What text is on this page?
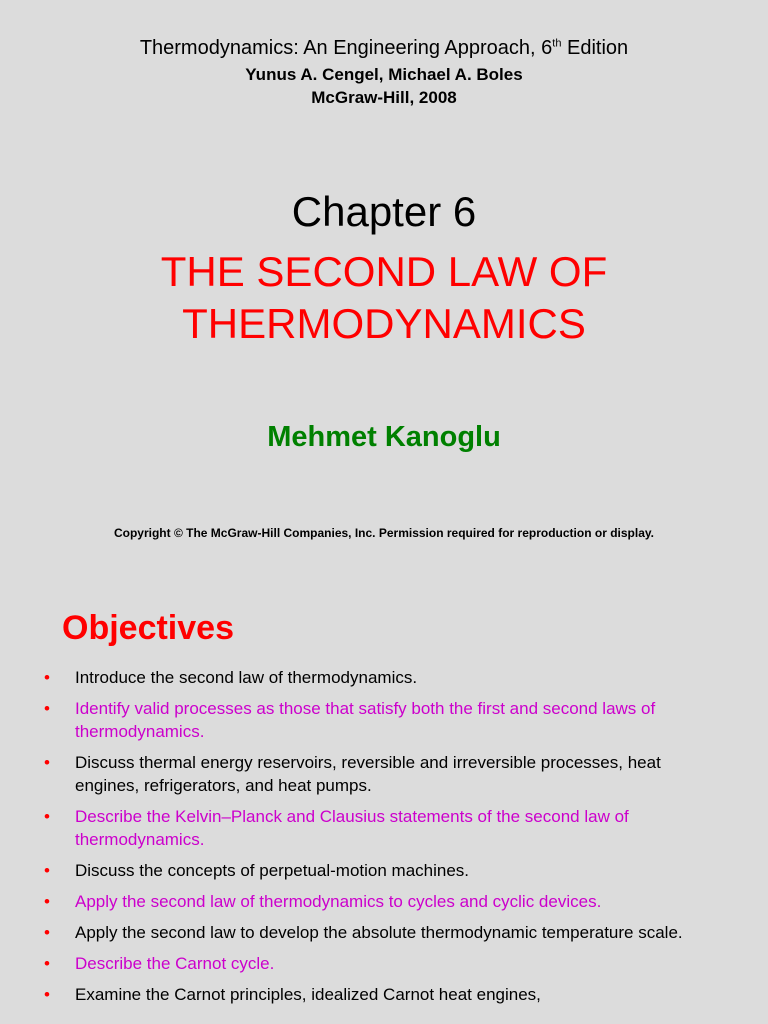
Thermodynamics: An Engineering Approach, 6th Edition
Yunus A. Cengel, Michael A. Boles
McGraw-Hill, 2008
Chapter 6
THE SECOND LAW OF
THERMODYNAMICS
Mehmet Kanoglu
Copyright © The McGraw-Hill Companies, Inc. Permission required for reproduction or display.
Objectives
• Introduce the second law of thermodynamics.
• Identify valid processes as those that satisfy both the first and second laws of thermodynamics.
• Discuss thermal energy reservoirs, reversible and irreversible processes, heat engines, refrigerators, and heat pumps.
• Describe the Kelvin–Planck and Clausius statements of the second law of thermodynamics.
• Discuss the concepts of perpetual-motion machines.
• Apply the second law of thermodynamics to cycles and cyclic devices.
• Apply the second law to develop the absolute thermodynamic temperature scale.
• Describe the Carnot cycle.
• Examine the Carnot principles, idealized Carnot heat engines,
